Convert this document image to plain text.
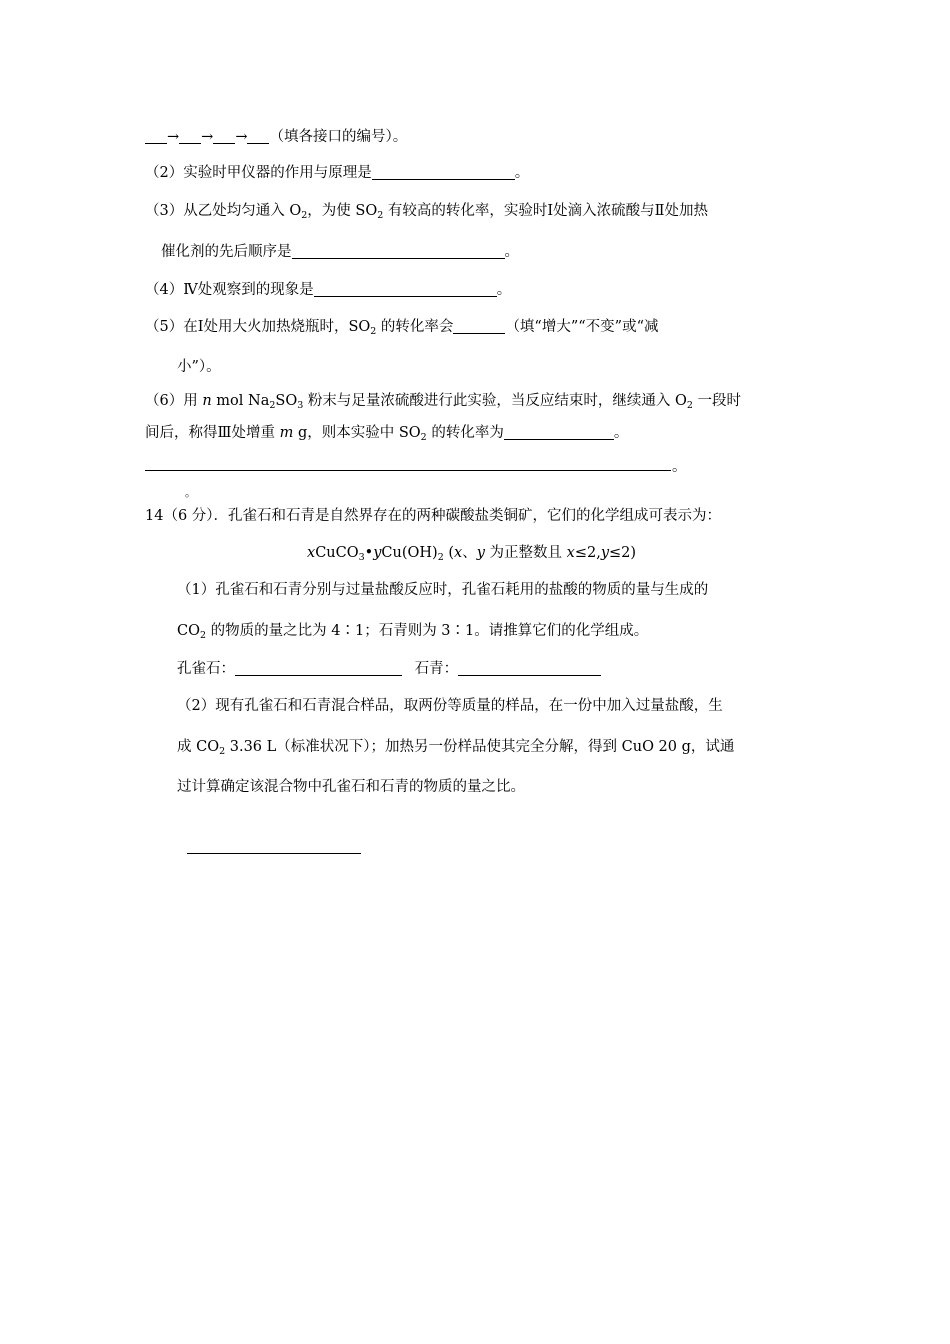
→ → → （填各接口的编号）。
（2）实验时甲仪器的作用与原理是	。
（3）从乙处均匀通入 $O_2$，为使 $SO_2$ 有较高的转化率，实验时Ⅰ处滴入浓硫酸与Ⅱ处加热
催化剂的先后顺序是	。
（4）Ⅳ处观察到的现象是	。
（5）在Ⅰ处用大火加热烧瓶时，$SO_2$ 的转化率会	（填“增大”“不变”或“减
小”）。
（6）用 n mol $Na_2SO_3$ 粉末与足量浓硫酸进行此实验，当反应结束时，继续通入 $O_2$ 一段时
间后，称得Ⅲ处增重 m g，则本实验中 $SO_2$ 的转化率为	。
。
。
14（6 分）．孔雀石和石青是自然界存在的两种碳酸盐类铜矿，它们的化学组成可表示为：
$xCuCO_3•yCu(OH)_2$ (x、y 为正整数且 x≤2,y≤2)
（1）孔雀石和石青分别与过量盐酸反应时，孔雀石耗用的盐酸的物质的量与生成的
$CO_2$ 的物质的量之比为 4∶1；石青则为 3∶1。请推算它们的化学组成。
孔雀石：	石青：
（2）现有孔雀石和石青混合样品，取两份等质量的样品，在一份中加入过量盐酸，生
成 $CO_2$ 3.36 L（标准状况下）；加热另一份样品使其完全分解，得到 CuO 20 g，试通
过计算确定该混合物中孔雀石和石青的物质的量之比。
